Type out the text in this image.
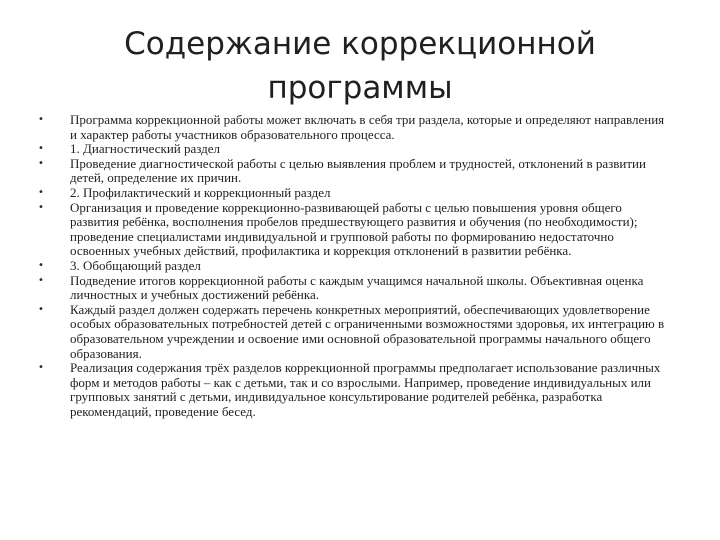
Содержание коррекционной
программы
•	Программа коррекционной работы может включать в себя три раздела, которые и определяют направления и характер работы участников образовательного процесса.
•	1. Диагностический раздел
•	Проведение диагностической работы с целью выявления проблем и трудностей, отклонений в развитии детей, определение их причин.
•	2. Профилактический и коррекционный раздел
•	Организация и проведение коррекционно-развивающей работы с целью повышения уровня общего развития ребёнка, восполнения пробелов предшествующего развития и обучения (по необходимости); проведение специалистами индивидуальной и групповой работы по формированию недостаточно освоенных учебных действий, профилактика и коррекция отклонений в развитии ребёнка.
•	3. Обобщающий раздел
•	Подведение итогов коррекционной работы с каждым учащимся начальной школы. Объективная оценка личностных и учебных достижений ребёнка.
•	Каждый раздел должен содержать перечень конкретных мероприятий, обеспечивающих удовлетворение особых образовательных потребностей детей с ограниченными возможностями здоровья, их интеграцию в образовательном учреждении и освоение ими основной образовательной программы начального общего образования.
•	Реализация содержания трёх разделов коррекционной программы предполагает использование различных форм и методов работы – как с детьми, так и со взрослыми. Например, проведение индивидуальных или групповых занятий с детьми, индивидуальное консультирование родителей ребёнка, разработка рекомендаций, проведение бесед.
